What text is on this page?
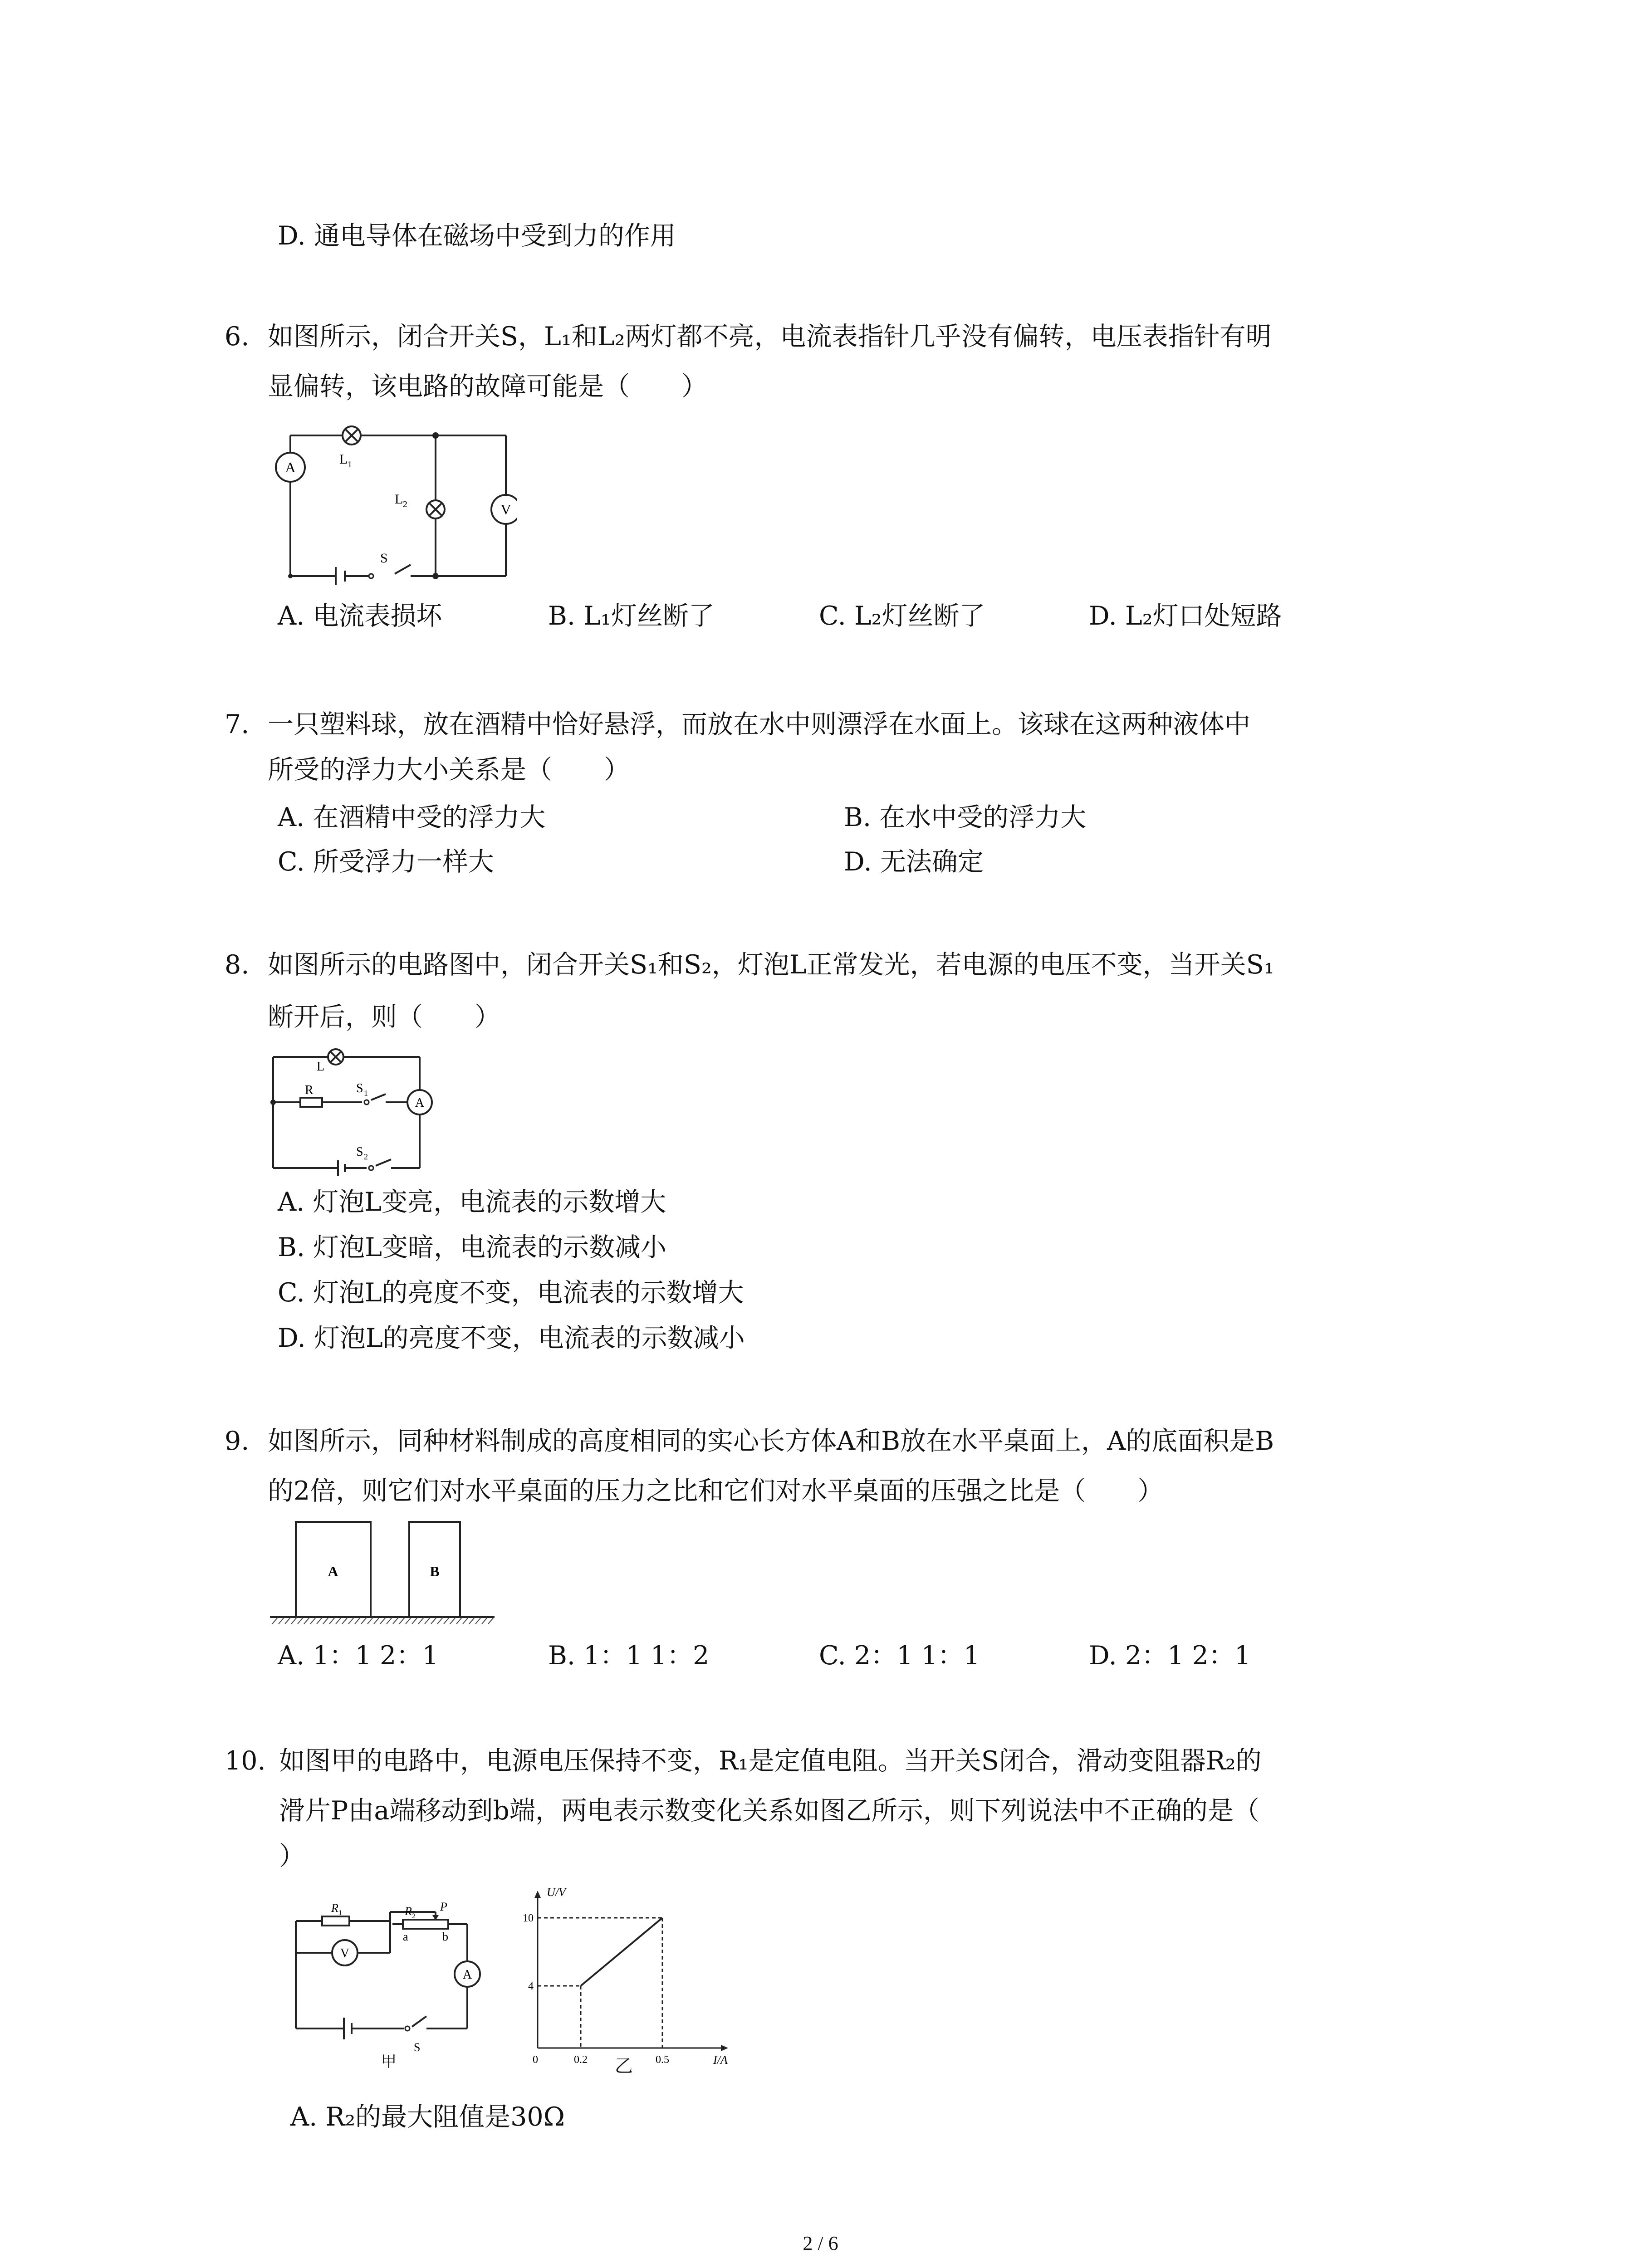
D. 通电导体在磁场中受到力的作用
6. 如图所示，闭合开关S，L₁和L₂两灯都不亮，电流表指针几乎没有偏转，电压表指针有明
显偏转，该电路的故障可能是（　　）
L 1
L 2
A
V
S
A. 电流表损坏	B. L₁灯丝断了	C. L₂灯丝断了	D. L₂灯口处短路
7. 一只塑料球，放在酒精中恰好悬浮，而放在水中则漂浮在水面上。该球在这两种液体中
所受的浮力大小关系是（　　）
A. 在酒精中受的浮力大	B. 在水中受的浮力大
C. 所受浮力一样大	D. 无法确定
8. 如图所示的电路图中，闭合开关S₁和S₂，灯泡L正常发光，若电源的电压不变，当开关S₁
断开后，则（　　）
L
R	S 1
S 2
A
A. 灯泡L变亮，电流表的示数增大
B. 灯泡L变暗，电流表的示数减小
C. 灯泡L的亮度不变，电流表的示数增大
D. 灯泡L的亮度不变，电流表的示数减小
9. 如图所示，同种材料制成的高度相同的实心长方体A和B放在水平桌面上，A的底面积是B
的2倍，则它们对水平桌面的压力之比和它们对水平桌面的压强之比是（　　）
A	B
A. 1：1 2：1	B. 1：1 1：2	C. 2：1 1：1	D. 2：1 2：1
10. 如图甲的电路中，电源电压保持不变，R₁是定值电阻。当开关S闭合，滑动变阻器R₂的
滑片P由a端移动到b端，两电表示数变化关系如图乙所示，则下列说法中不正确的是（
）
R 1	R 2
P
a	b
V
A
S
甲
U/V
I/A
10
4
0	0.2	0.5
乙
A. R₂的最大阻值是30Ω
2 / 6
